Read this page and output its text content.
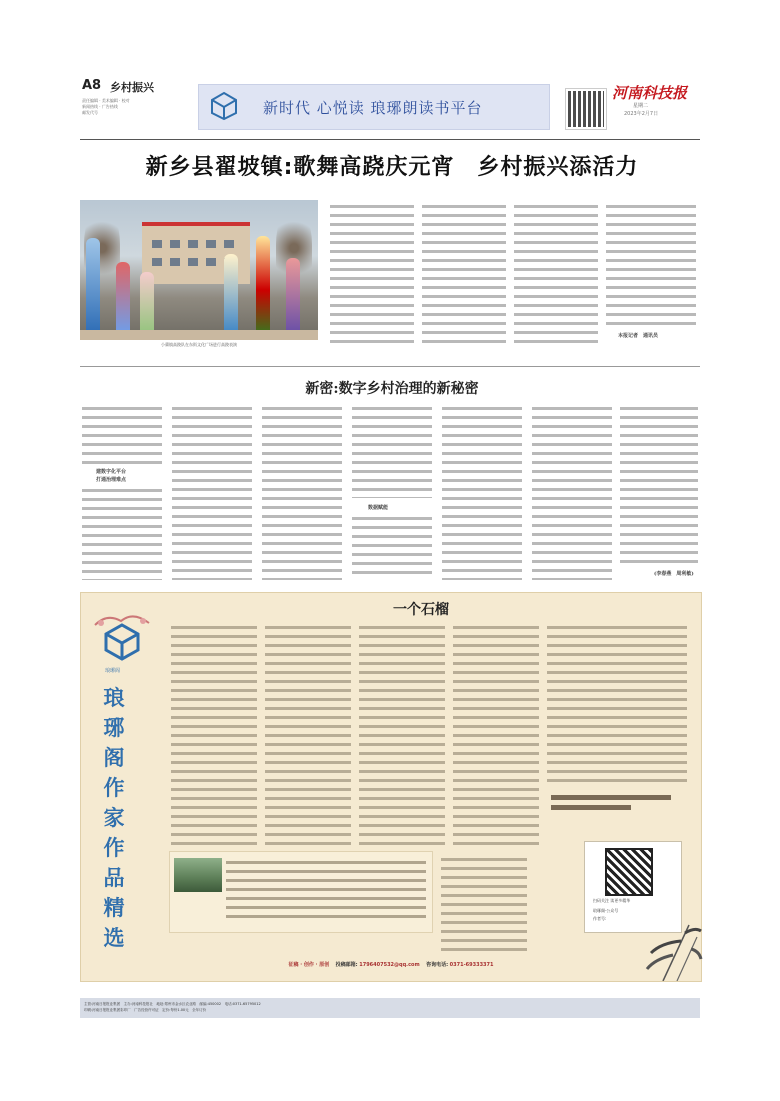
A8 乡村振兴
责任编辑 · 美术编辑 · 校对
新闻热线 · 广告热线
邮发代号	新时代 心悦读 琅琊朗读书平台
河南科技报
星期二
2023年2月7日
新乡县翟坡镇:歌舞高跷庆元宵　乡村振兴添活力
小冀镇高跷队在东街文化广场进行高跷表演
本报记者　通讯员
新密:数字乡村治理的新秘密
建数字化平台
打通治理难点
数据赋能
(李春燕　周利敏)
琅琊阁
琅琊阁作家作品精选
一个石榴
扫码关注 读更多精华
琅琊阁·公众号
作者号:
征稿 · 创作 · 原创 投稿邮箱: 1796407532@qq.com 咨询电话: 0371-69333371
主管:河南日报报业集团　主办:河南科技报社　地址:郑州市金水区农业路　邮编:450002　电话:0371-65795012
印刷:河南日报报业集团彩印厂　广告经营许可证　定价:每份1.00元　全年订价
